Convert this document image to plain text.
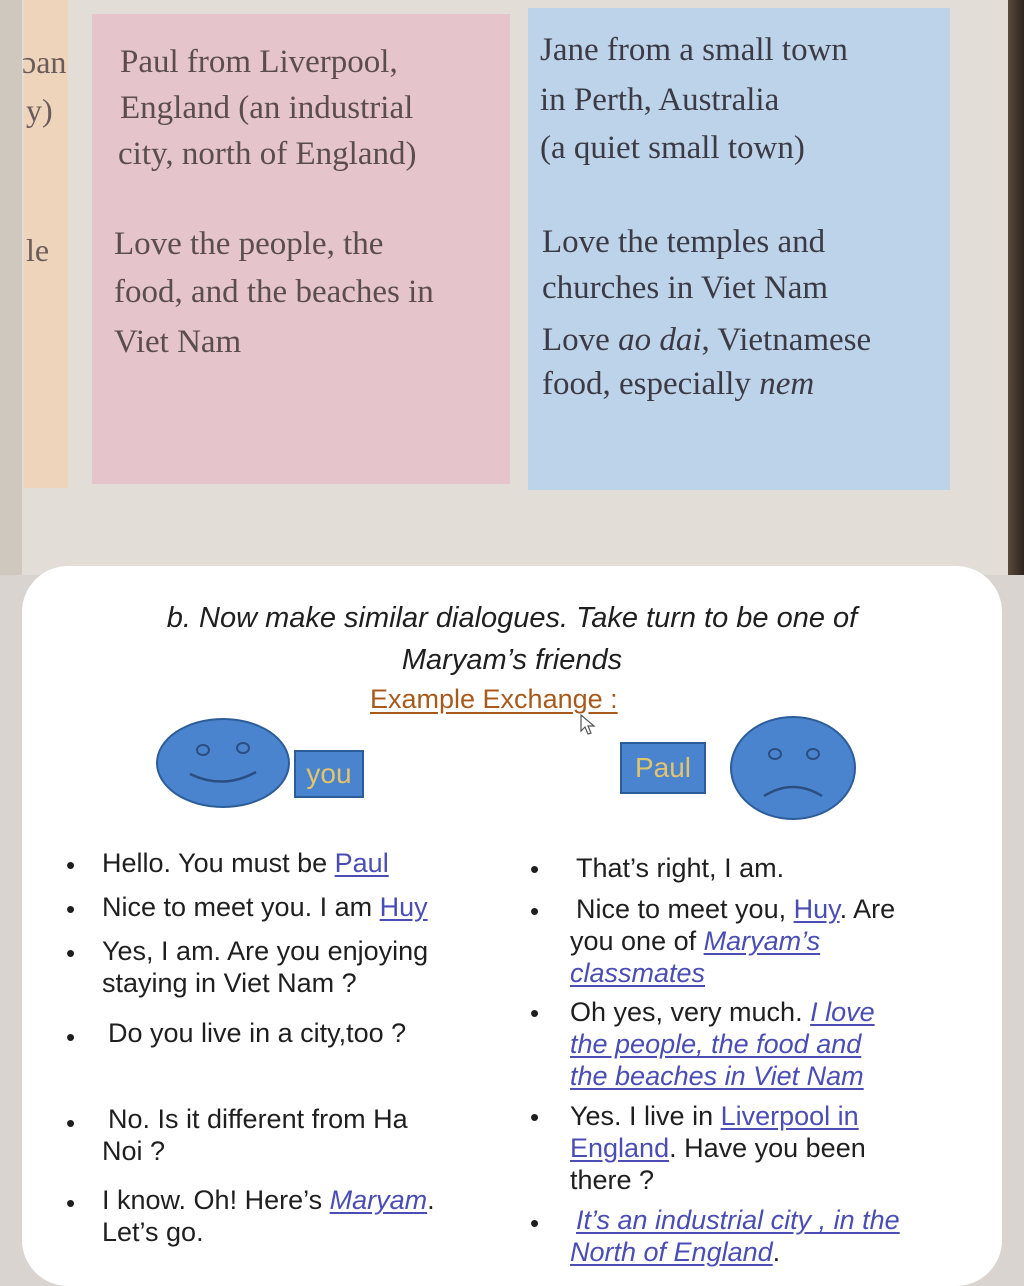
ɔan
y)
le
Paul from Liverpool,
England (an industrial
city, north of England)
Jane from a small town
in Perth, Australia
(a quiet small town)
Love the people, the
food, and the beaches in
Viet Nam
Love the temples and
churches in Viet Nam
Love ao dai, Vietnamese
food, especially nem
b. Now make similar dialogues. Take turn to be one of
Maryam’s friends
Example Exchange :
you	Paul
• Hello. You must be Paul
• Nice to meet you. I am Huy
• Yes, I am. Are you enjoying
staying in Viet Nam ?
• Do you live in a city,too ?
• No. Is it different from Ha
Noi ?
• I know. Oh! Here’s Maryam.
Let’s go.
• That’s right, I am.
• Nice to meet you, Huy. Are
you one of Maryam’s
classmates
• Oh yes, very much. I love
the people, the food and
the beaches in Viet Nam
• Yes. I live in Liverpool in
England. Have you been
there ?
• It’s an industrial city , in the
North of England.
